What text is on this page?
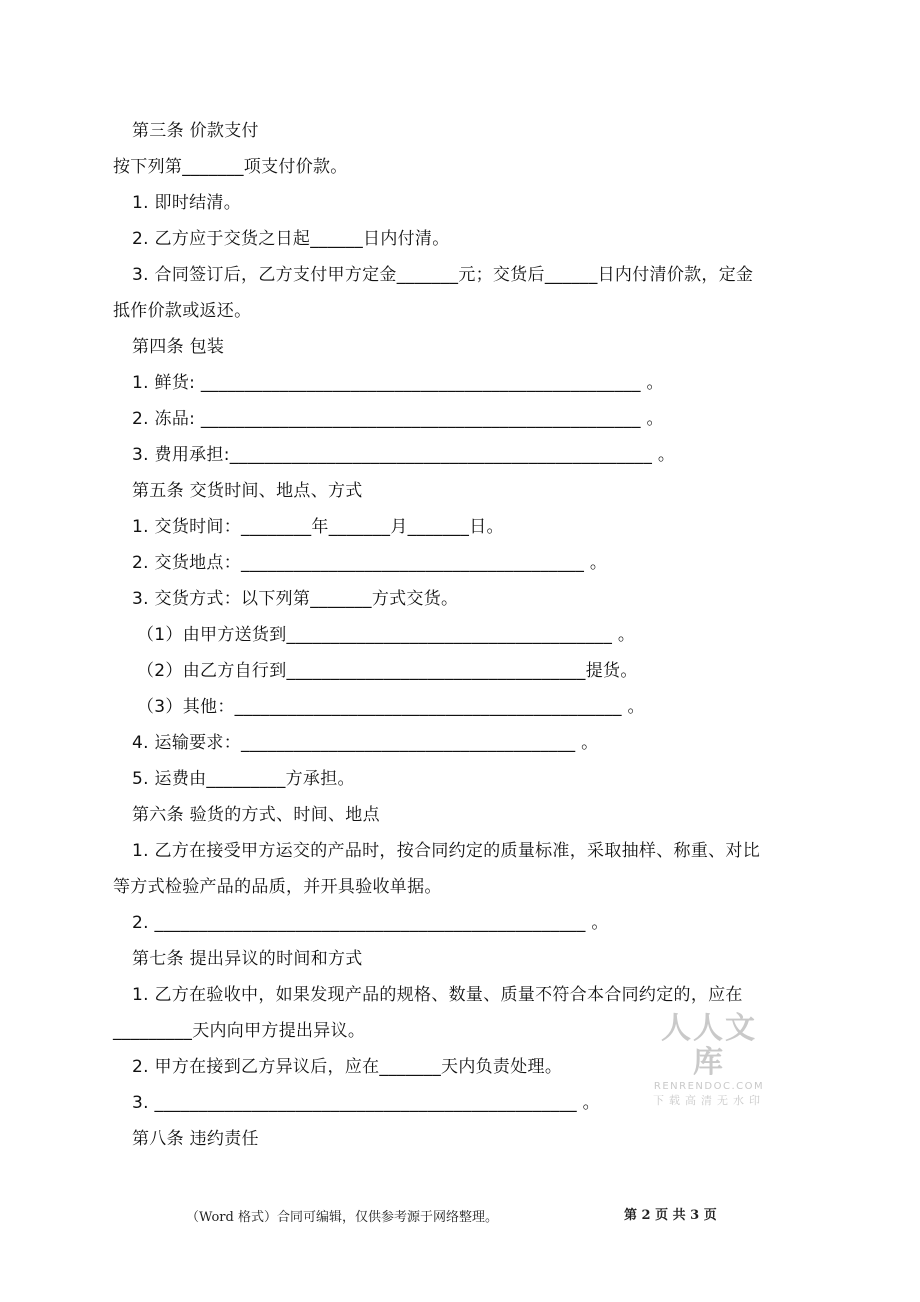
第三条 价款支付
按下列第_______项支付价款。
1. 即时结清。
2. 乙方应于交货之日起______日内付清。
3. 合同签订后，乙方支付甲方定金_______元；交货后______日内付清价款，定金
抵作价款或返还。
第四条 包装
1. 鲜货: __________________________________________________ 。
2. 冻品: __________________________________________________ 。
3. 费用承担:________________________________________________ 。
第五条 交货时间、地点、方式
1. 交货时间：________年_______月_______日。
2. 交货地点：_______________________________________ 。
3. 交货方式：以下列第_______方式交货。
（1）由甲方送货到_____________________________________ 。
（2）由乙方自行到__________________________________提货。
（3）其他：____________________________________________ 。
4. 运输要求：______________________________________ 。
5. 运费由_________方承担。
第六条 验货的方式、时间、地点
1. 乙方在接受甲方运交的产品时，按合同约定的质量标准，采取抽样、称重、对比
等方式检验产品的品质，并开具验收单据。
2. _________________________________________________ 。
第七条 提出异议的时间和方式
1. 乙方在验收中，如果发现产品的规格、数量、质量不符合本合同约定的，应在
_________天内向甲方提出异议。
2. 甲方在接到乙方异议后，应在_______天内负责处理。
3. ________________________________________________ 。
第八条 违约责任
人人文库
RENRENDOC.COM
下载高清无水印
（Word 格式）合同可编辑，仅供参考源于网络整理。	第 2 页 共 3 页
